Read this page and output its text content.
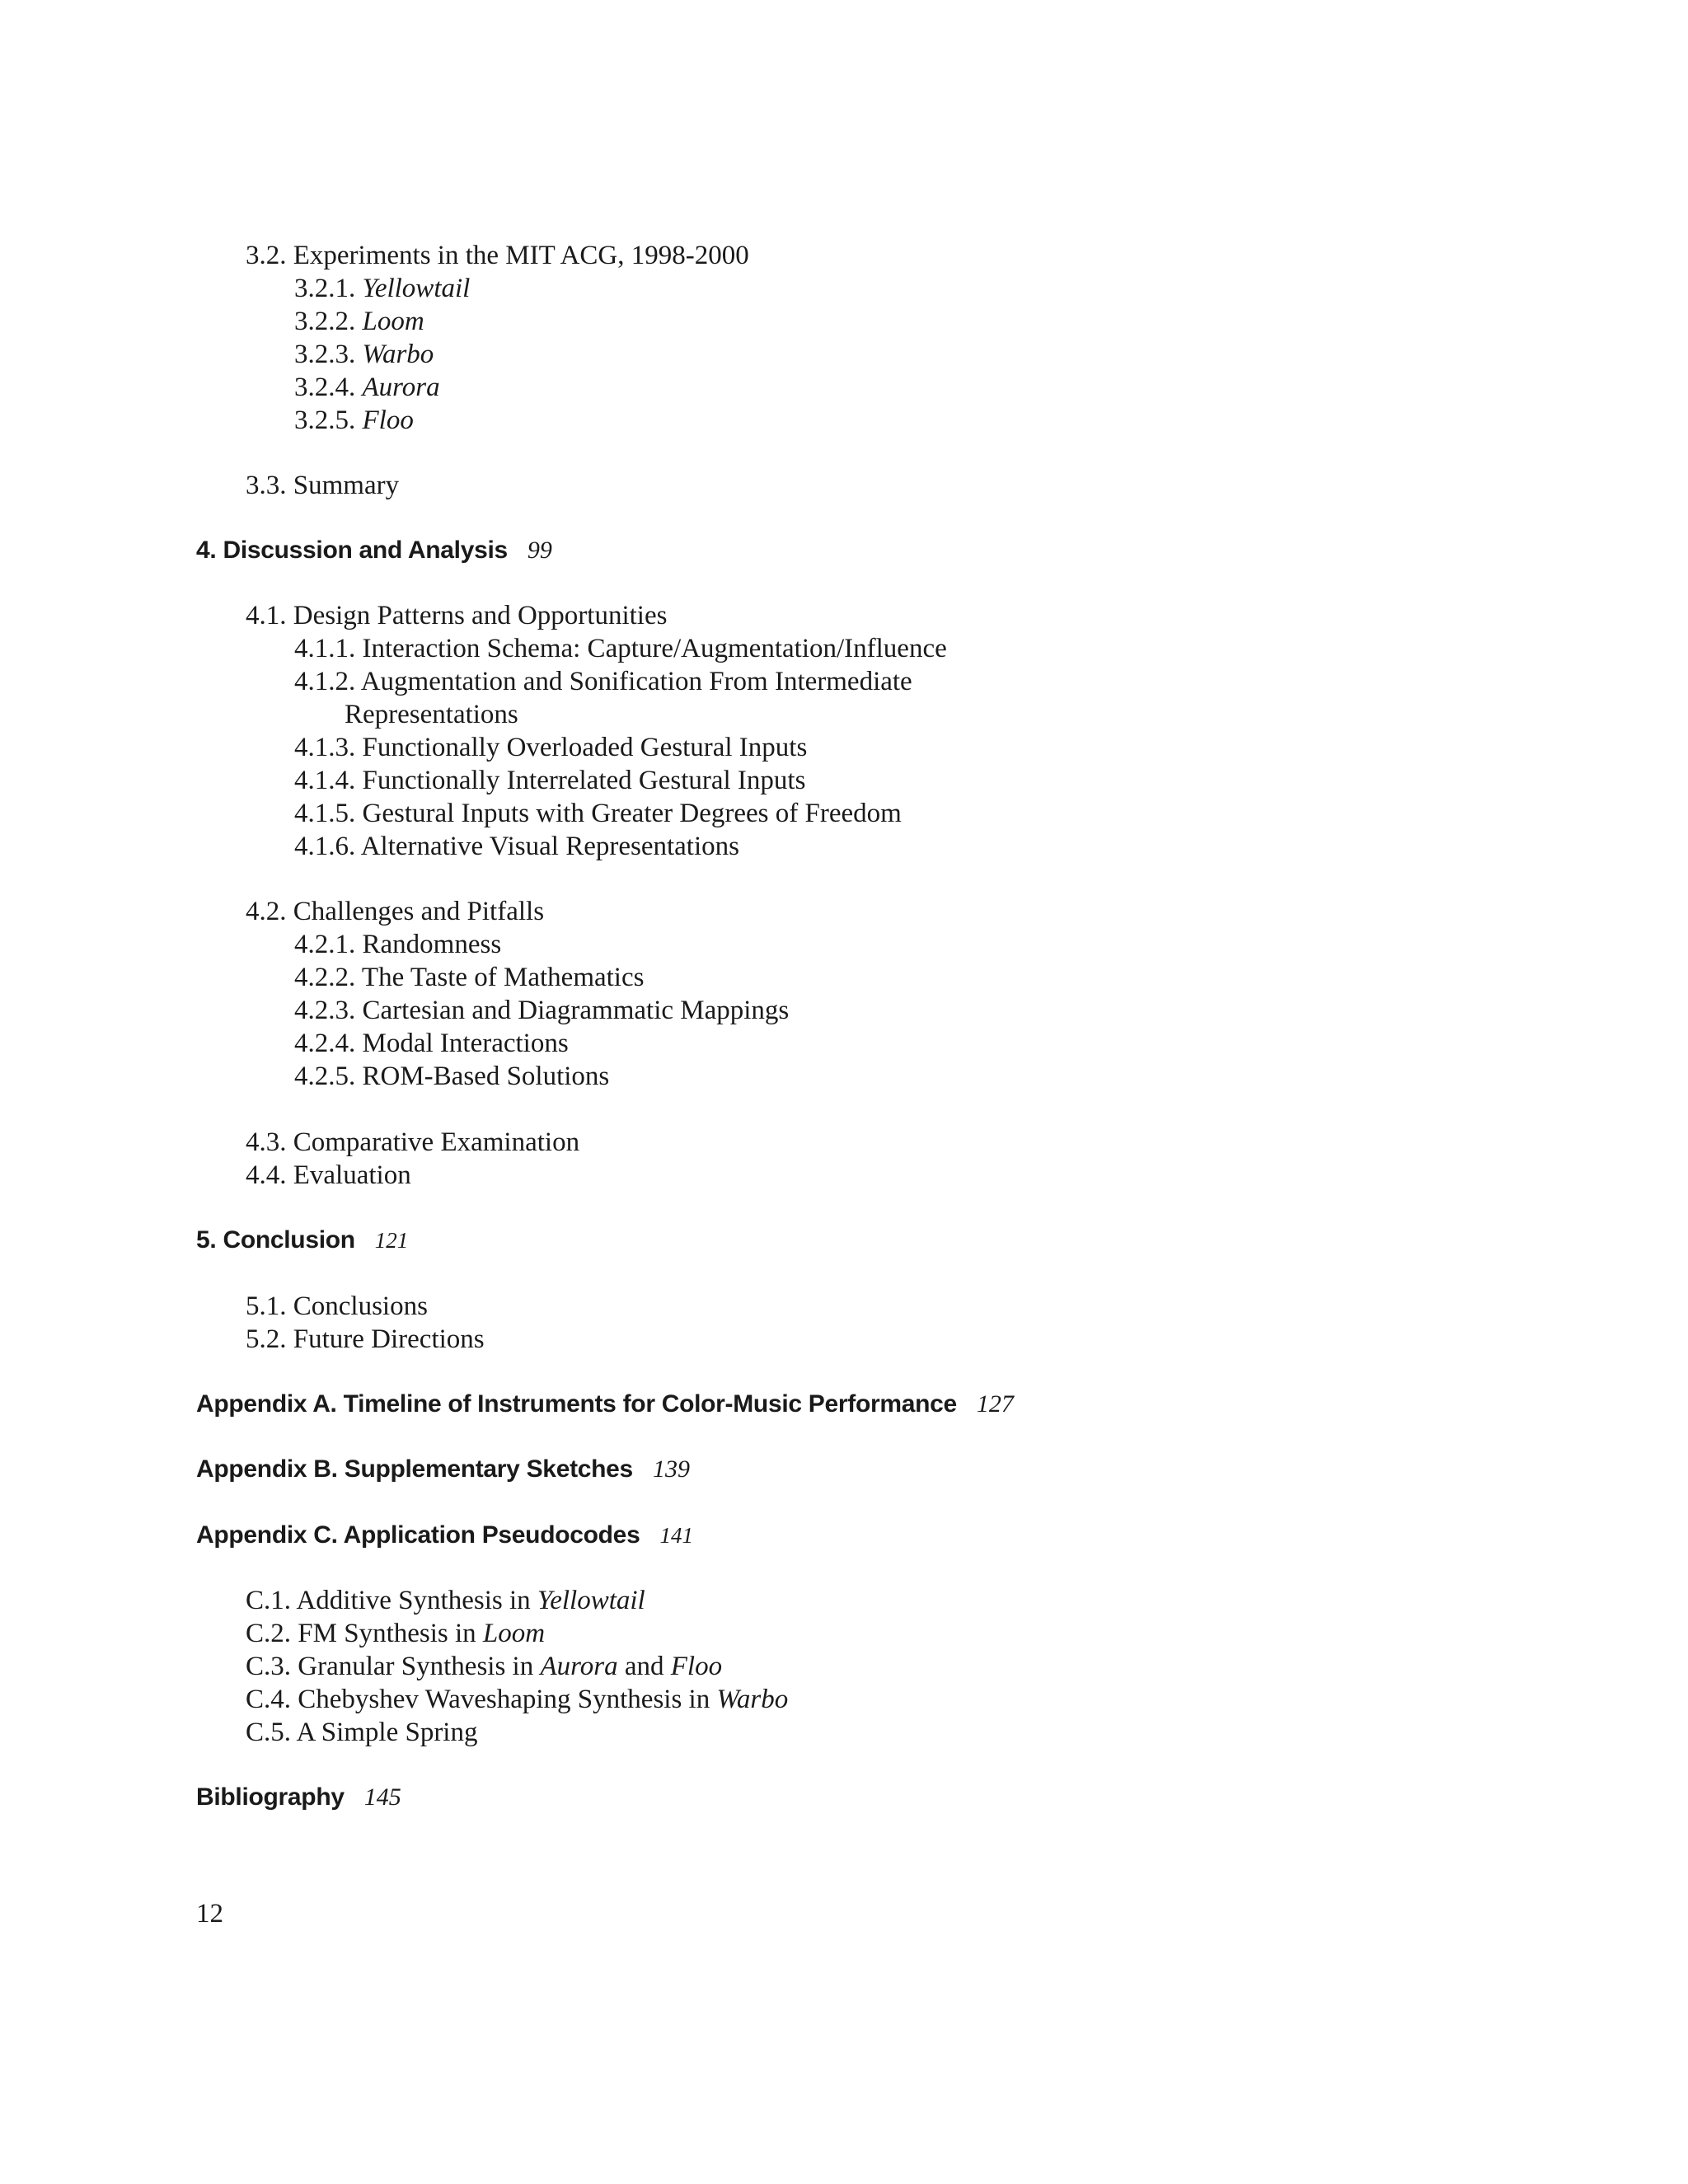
3.2. Experiments in the MIT ACG, 1998-2000
3.2.1. Yellowtail
3.2.2. Loom
3.2.3. Warbo
3.2.4. Aurora
3.2.5. Floo
3.3. Summary
4. Discussion and Analysis 99
4.1. Design Patterns and Opportunities
4.1.1. Interaction Schema: Capture/Augmentation/Influence
4.1.2. Augmentation and Sonification From Intermediate
Representations
4.1.3. Functionally Overloaded Gestural Inputs
4.1.4. Functionally Interrelated Gestural Inputs
4.1.5. Gestural Inputs with Greater Degrees of Freedom
4.1.6. Alternative Visual Representations
4.2. Challenges and Pitfalls
4.2.1. Randomness
4.2.2. The Taste of Mathematics
4.2.3. Cartesian and Diagrammatic Mappings
4.2.4. Modal Interactions
4.2.5. ROM-Based Solutions
4.3. Comparative Examination
4.4. Evaluation
5. Conclusion 121
5.1. Conclusions
5.2. Future Directions
Appendix A. Timeline of Instruments for Color-Music Performance 127
Appendix B. Supplementary Sketches 139
Appendix C. Application Pseudocodes 141
C.1. Additive Synthesis in Yellowtail
C.2. FM Synthesis in Loom
C.3. Granular Synthesis in Aurora and Floo
C.4. Chebyshev Waveshaping Synthesis in Warbo
C.5. A Simple Spring
Bibliography 145
12
